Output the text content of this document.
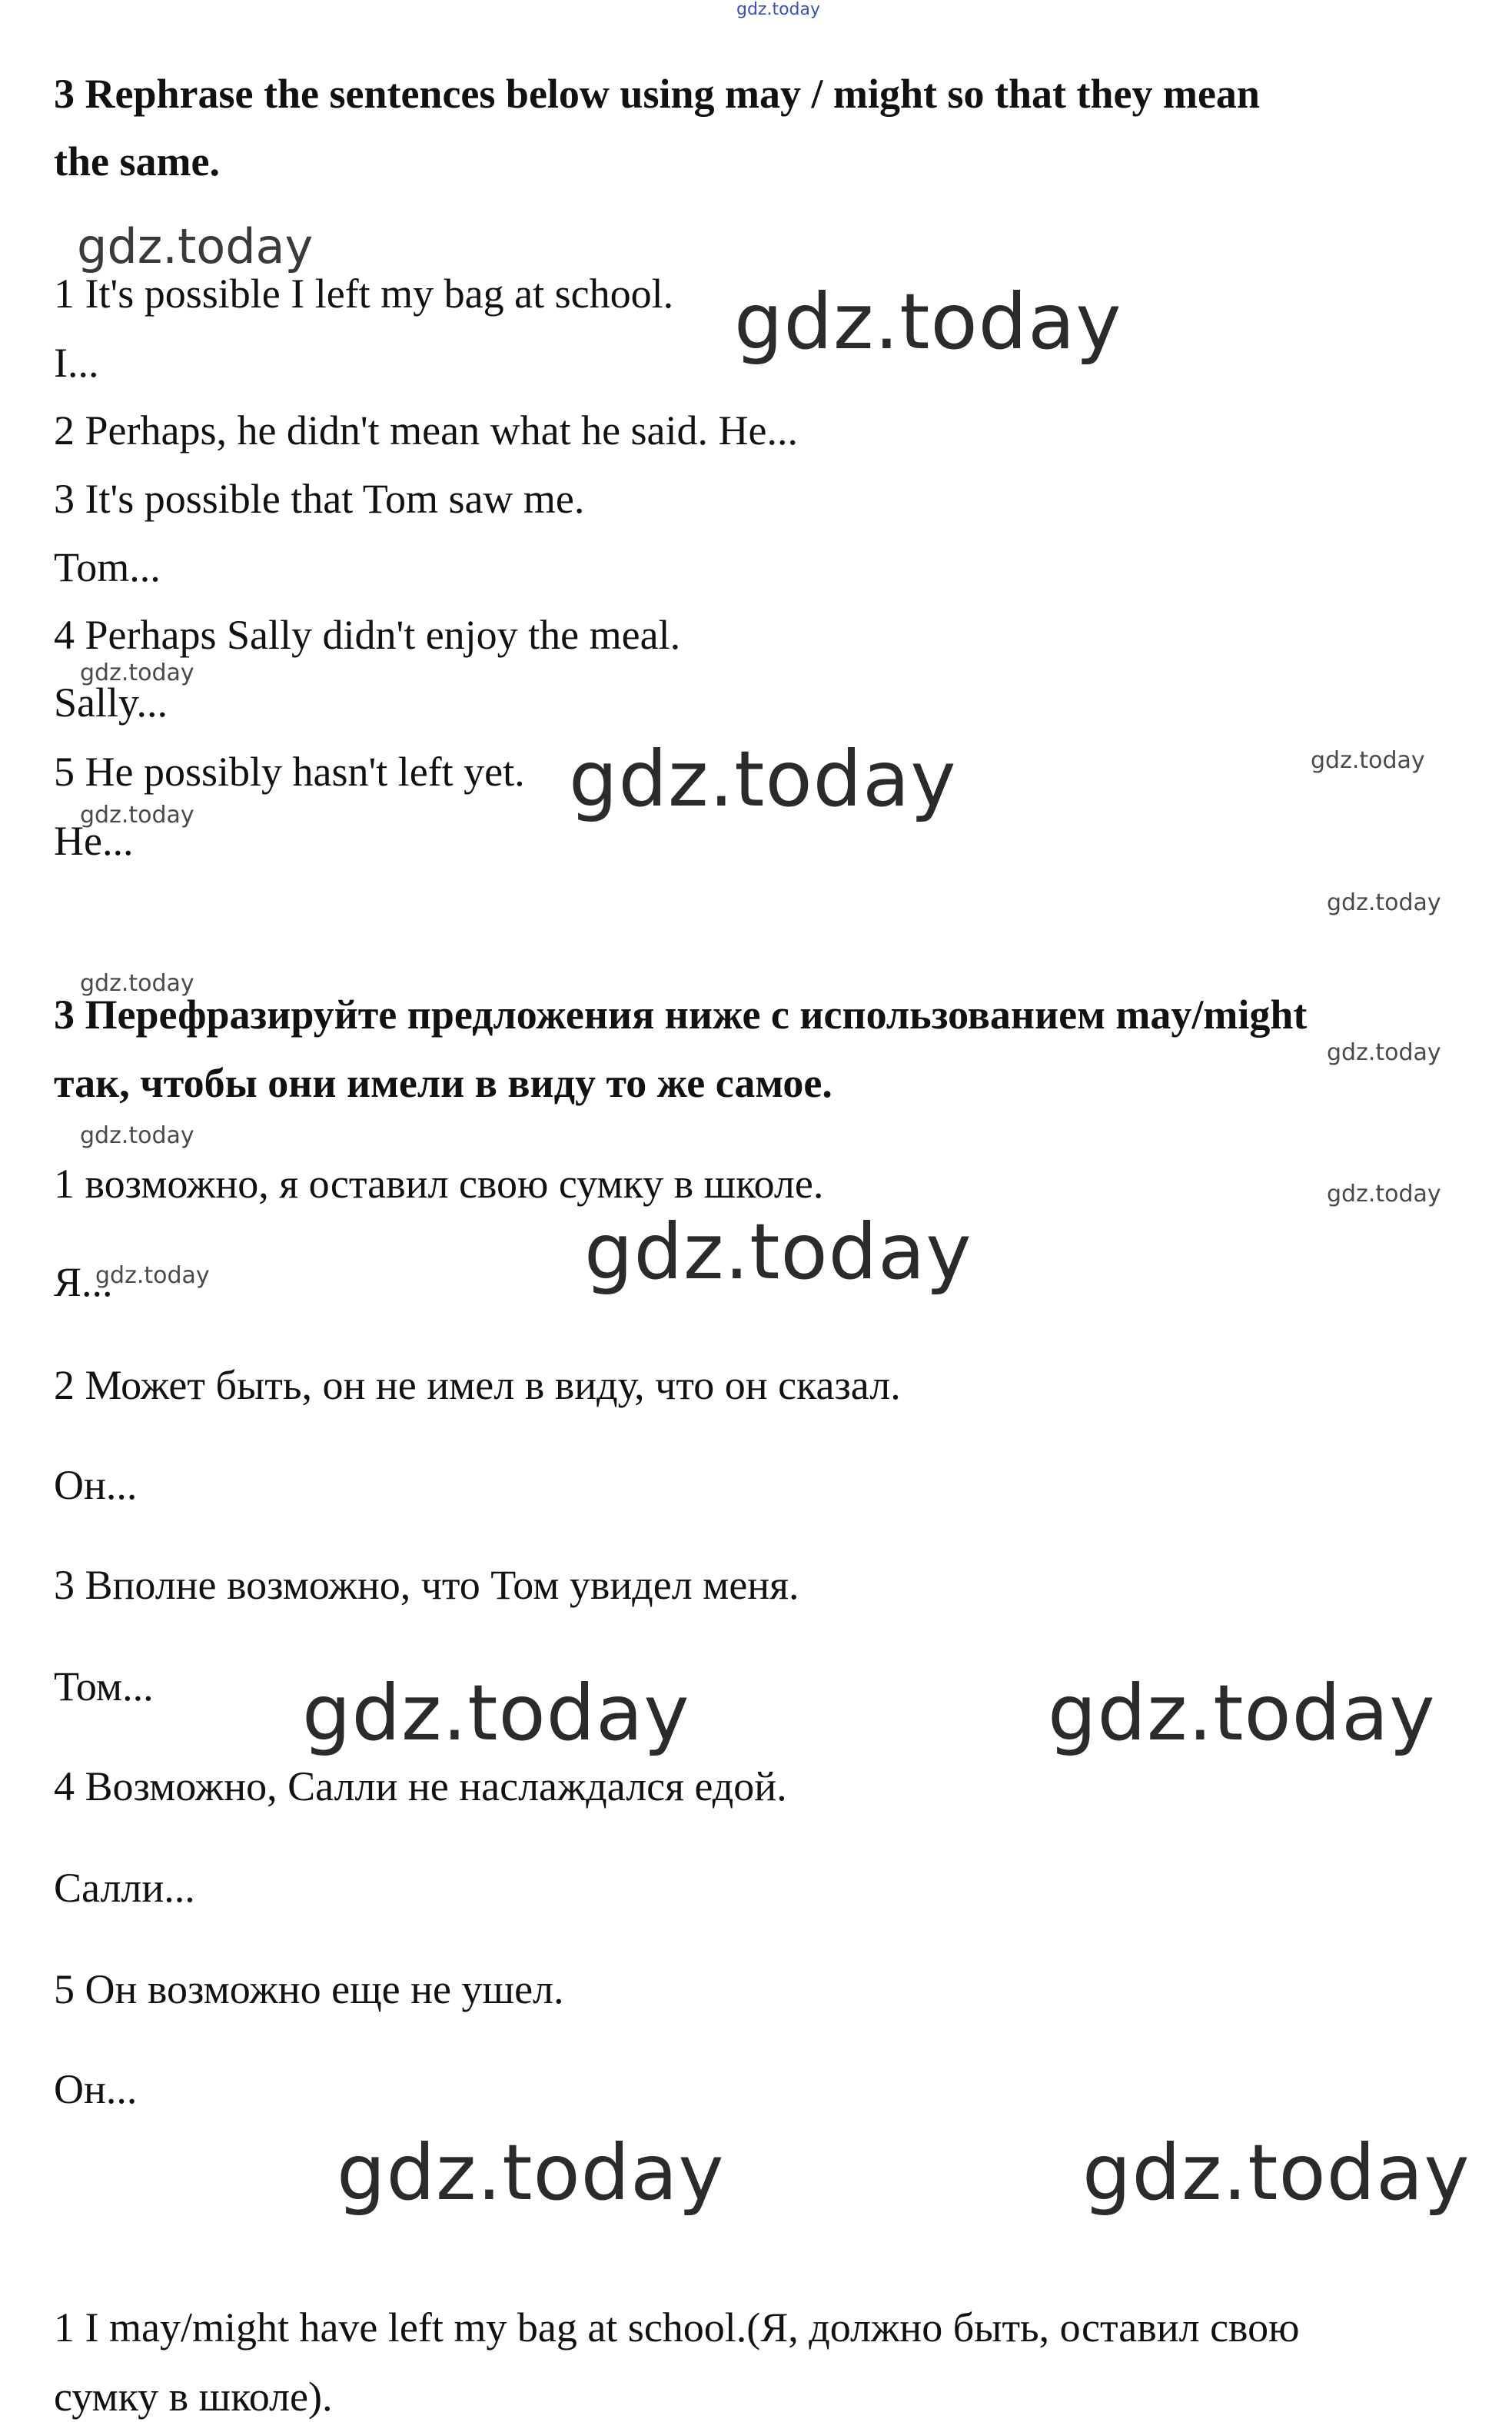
gdz.today
3 Rephrase the sentences below using may / might so that they mean
the same.
gdz.today
1 It's possible I left my bag at school. gdz.today
I...
2 Perhaps, he didn't mean what he said. He...
3 It's possible that Tom saw me.
Tom...
4 Perhaps Sally didn't enjoy the meal.
gdz.today
Sally...
5 He possibly hasn't left yet. gdz.today	gdz.today
gdz.today
He...
gdz.today
gdz.today
3 Перефразируйте предложения ниже с использованием may/might
gdz.today
так, чтобы они имели в виду то же самое.
gdz.today
1 возможно, я оставил свою сумку в школе.	gdz.today
gdz.today
Я...
gdz.today
2 Может быть, он не имел в виду, что он сказал.
Он...
3 Вполне возможно, что Том увидел меня.
Том... gdz.today	gdz.today
4 Возможно, Салли не наслаждался едой.
Салли...
5 Он возможно еще не ушел.
Он...
gdz.today	gdz.today
1 I may/might have left my bag at school.(Я, должно быть, оставил свою
сумку в школе).
